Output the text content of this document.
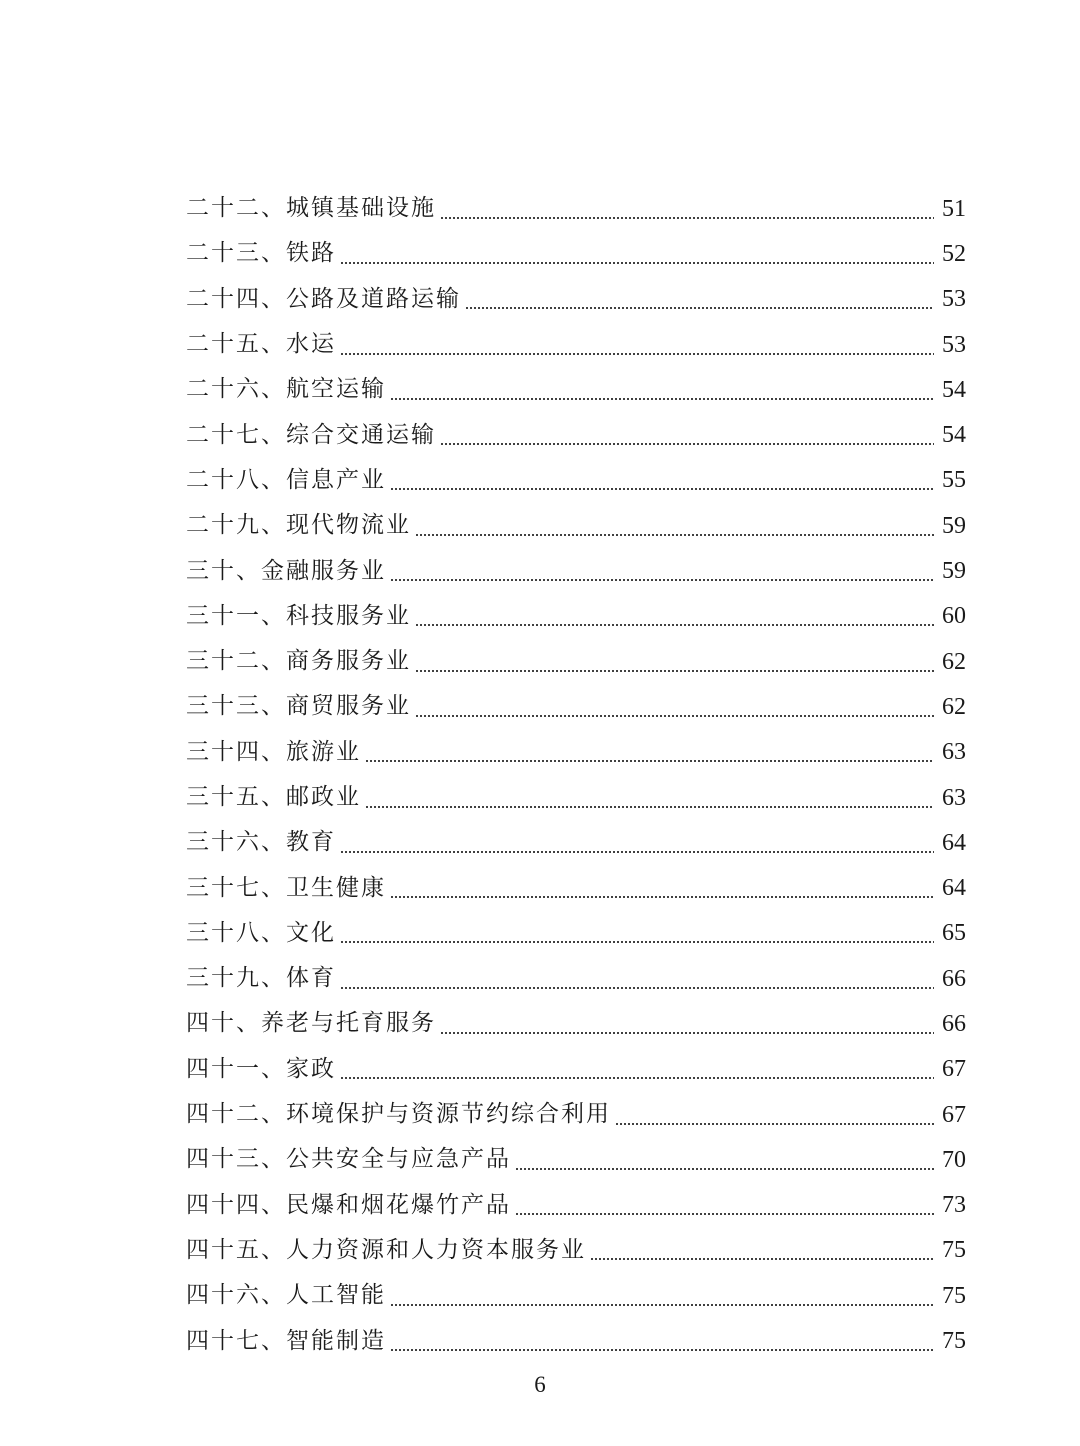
二十二、城镇基础设施	51
二十三、铁路	52
二十四、公路及道路运输	53
二十五、水运	53
二十六、航空运输	54
二十七、综合交通运输	54
二十八、信息产业	55
二十九、现代物流业	59
三十、金融服务业	59
三十一、科技服务业	60
三十二、商务服务业	62
三十三、商贸服务业	62
三十四、旅游业	63
三十五、邮政业	63
三十六、教育	64
三十七、卫生健康	64
三十八、文化	65
三十九、体育	66
四十、养老与托育服务	66
四十一、家政	67
四十二、环境保护与资源节约综合利用	67
四十三、公共安全与应急产品	70
四十四、民爆和烟花爆竹产品	73
四十五、人力资源和人力资本服务业	75
四十六、人工智能	75
四十七、智能制造	75
6
